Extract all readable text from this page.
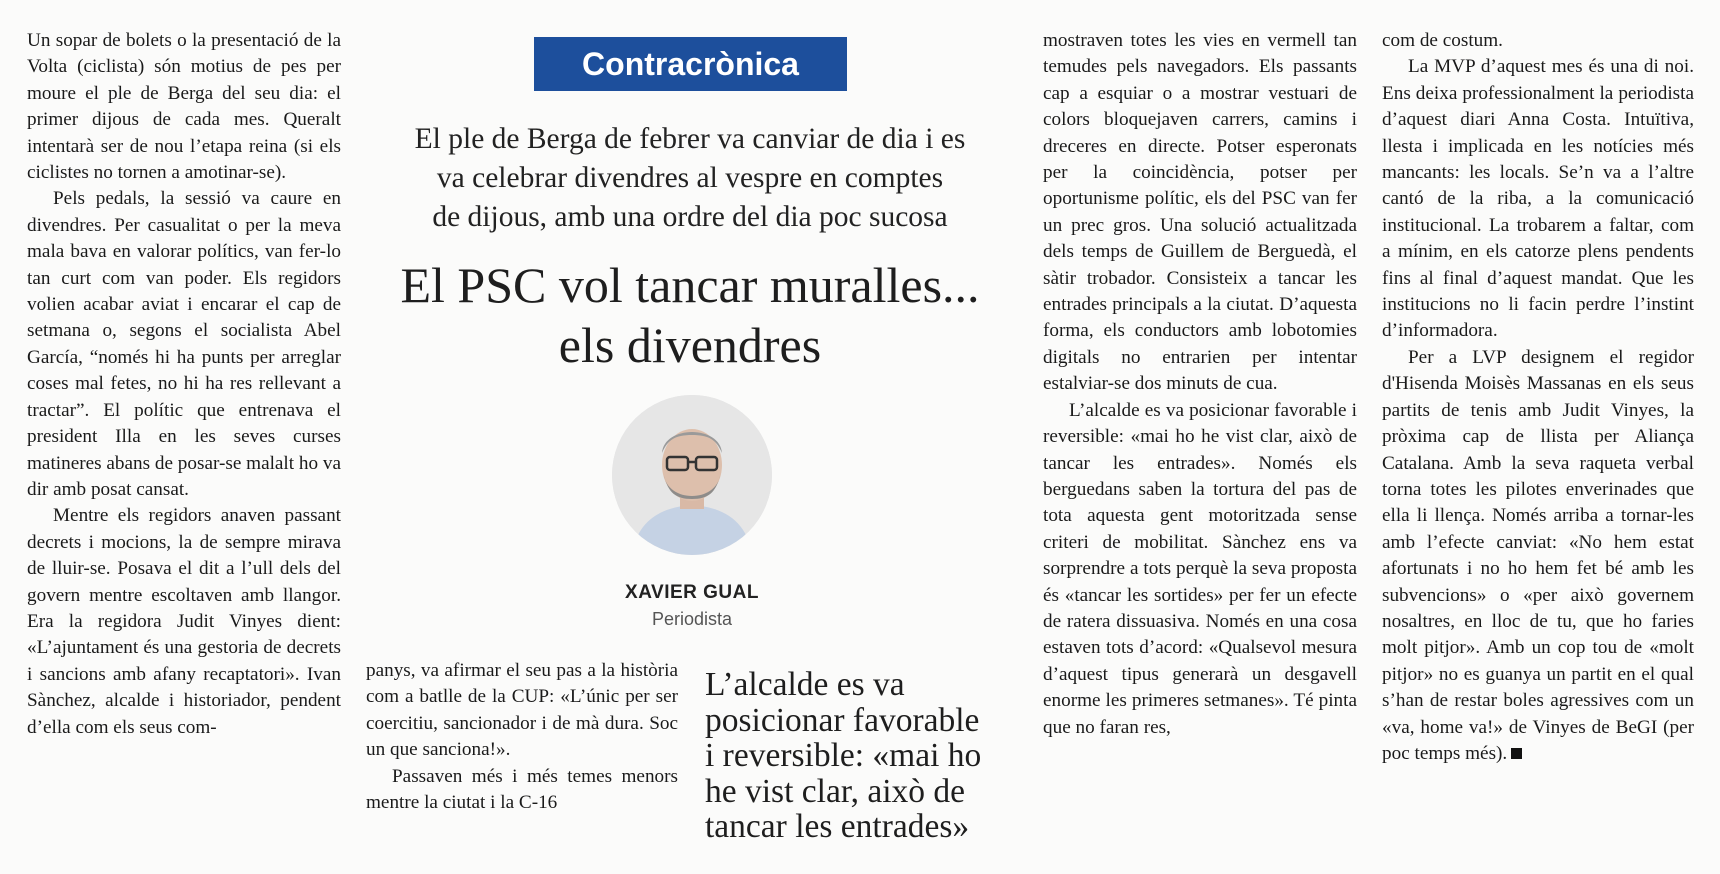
Un sopar de bolets o la presentació de la Volta (ciclista) són motius de pes per moure el ple de Berga del seu dia: el primer dijous de cada mes. Queralt intentarà ser de nou l’etapa reina (si els ciclistes no tornen a amotinar-se).

Pels pedals, la sessió va caure en divendres. Per casualitat o per la meva mala bava en valorar polítics, van fer-lo tan curt com van poder. Els regidors volien acabar aviat i encarar el cap de setmana o, segons el socialista Abel García, “només hi ha punts per arreglar coses mal fetes, no hi ha res rellevant a tractar”. El polític que entrenava el president Illa en les seves curses matineres abans de posar-se malalt ho va dir amb posat cansat.

Mentre els regidors anaven passant decrets i mocions, la de sempre mirava de lluir-se. Posava el dit a l’ull dels del govern mentre escoltaven amb llangor. Era la regidora Judit Vinyes dient: «L’ajuntament és una gestoria de decrets i sancions amb afany recaptatori». Ivan Sànchez, alcalde i historiador, pendent d’ella com els seus com-

Contracrònica
El ple de Berga de febrer va canviar de dia i es
va celebrar divendres al vespre en comptes
de dijous, amb una ordre del dia poc sucosa
El PSC vol tancar muralles...
els divendres
XAVIER GUAL
Periodista

panys, va afirmar el seu pas a la història com a batlle de la CUP: «L’únic per ser coercitiu, sancionador i de mà dura. Soc un que sanciona!».

Passaven més i més temes menors mentre la ciutat i la C-16

L’alcalde es va
posicionar favorable
i reversible: «mai ho
he vist clar, això de
tancar les entrades»

mostraven totes les vies en vermell tan temudes pels navegadors. Els passants cap a esquiar o a mostrar vestuari de colors bloquejaven carrers, camins i dreceres en directe. Potser esperonats per la coincidència, potser per oportunisme polític, els del PSC van fer un prec gros. Una solució actualitzada dels temps de Guillem de Berguedà, el sàtir trobador. Consisteix a tancar les entrades principals a la ciutat. D’aquesta forma, els conductors amb lobotomies digitals no entrarien per intentar estalviar-se dos minuts de cua.

L’alcalde es va posicionar favorable i reversible: «mai ho he vist clar, això de tancar les entrades». Només els berguedans saben la tortura del pas de tota aquesta gent motoritzada sense criteri de mobilitat. Sànchez ens va sorprendre a tots perquè la seva proposta és «tancar les sortides» per fer un efecte de ratera dissuasiva. Només en una cosa estaven tots d’acord: «Qualsevol mesura d’aquest tipus generarà un desgavell enorme les primeres setmanes». Té pinta que no faran res,

com de costum.

La MVP d’aquest mes és una di noi. Ens deixa professionalment la periodista d’aquest diari Anna Costa. Intuïtiva, llesta i implicada en les notícies més mancants: les locals. Se’n va a l’altre cantó de la riba, a la comunicació institucional. La trobarem a faltar, com a mínim, en els catorze plens pendents fins al final d’aquest mandat. Que les institucions no li facin perdre l’instint d’informadora.

Per a LVP designem el regidor d'Hisenda Moisès Massanas en els seus partits de tenis amb Judit Vinyes, la pròxima cap de llista per Aliança Catalana. Amb la seva raqueta verbal torna totes les pilotes enverinades que ella li llença. Només arriba a tornar-les amb l’efecte canviat: «No hem estat afortunats i no ho hem fet bé amb les subvencions» o «per això governem nosaltres, en lloc de tu, que ho faries molt pitjor». Amb un cop tou de «molt pitjor» no es guanya un partit en el qual s’han de restar boles agressives com un «va, home va!» de Vinyes de BeGI (per poc temps més).
